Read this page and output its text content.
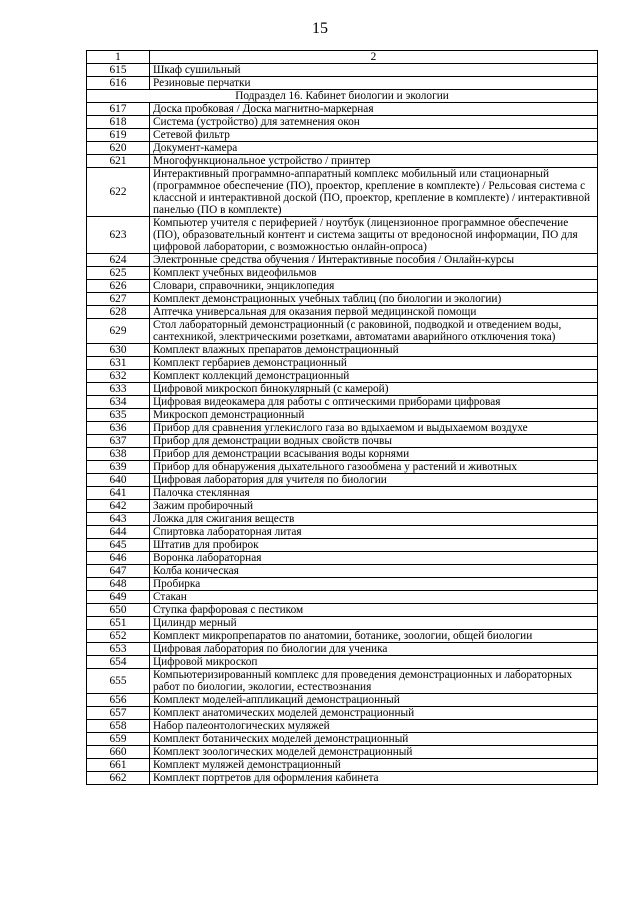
15
1	2
615	Шкаф сушильный
616	Резиновые перчатки
Подраздел 16. Кабинет биологии и экологии	
617	Доска пробковая / Доска магнитно-маркерная
618	Система (устройство) для затемнения окон
619	Сетевой фильтр
620	Документ-камера
621	Многофункциональное устройство / принтер
622	Интерактивный программно-аппаратный комплекс мобильный или стационарный (программное обеспечение (ПО), проектор, крепление в комплекте) / Рельсовая система с классной и интерактивной доской (ПО, проектор, крепление в комплекте) / интерактивной панелью (ПО в комплекте)
623	Компьютер учителя с периферией / ноутбук (лицензионное программное обеспечение (ПО), образовательный контент и система защиты от вредоносной информации, ПО для цифровой лаборатории, с возможностью онлайн-опроса)
624	Электронные средства обучения / Интерактивные пособия / Онлайн-курсы
625	Комплект учебных видеофильмов
626	Словари, справочники, энциклопедия
627	Комплект демонстрационных учебных таблиц (по биологии и экологии)
628	Аптечка универсальная для оказания первой медицинской помощи
629	Стол лабораторный демонстрационный (с раковиной, подводкой и отведением воды, сантехникой, электрическими розетками, автоматами аварийного отключения тока)
630	Комплект влажных препаратов демонстрационный
631	Комплект гербариев демонстрационный
632	Комплект коллекций демонстрационный
633	Цифровой микроскоп бинокулярный (с камерой)
634	Цифровая видеокамера для работы с оптическими приборами цифровая
635	Микроскоп демонстрационный
636	Прибор для сравнения углекислого газа во вдыхаемом и выдыхаемом воздухе
637	Прибор для демонстрации водных свойств почвы
638	Прибор для демонстрации всасывания воды корнями
639	Прибор для обнаружения дыхательного газообмена у растений и животных
640	Цифровая лаборатория для учителя по биологии
641	Палочка стеклянная
642	Зажим пробирочный
643	Ложка для сжигания веществ
644	Спиртовка лабораторная литая
645	Штатив для пробирок
646	Воронка лабораторная
647	Колба коническая
648	Пробирка
649	Стакан
650	Ступка фарфоровая с пестиком
651	Цилиндр мерный
652	Комплект микропрепаратов по анатомии, ботанике, зоологии, общей биологии
653	Цифровая лаборатория по биологии для ученика
654	Цифровой микроскоп
655	Компьютеризированный комплекс для проведения демонстрационных и лабораторных работ по биологии, экологии, естествознания
656	Комплект моделей-аппликаций демонстрационный
657	Комплект анатомических моделей демонстрационный
658	Набор палеонтологических муляжей
659	Комплект ботанических моделей демонстрационный
660	Комплект зоологических моделей демонстрационный
661	Комплект муляжей демонстрационный
662	Комплект портретов для оформления кабинета
